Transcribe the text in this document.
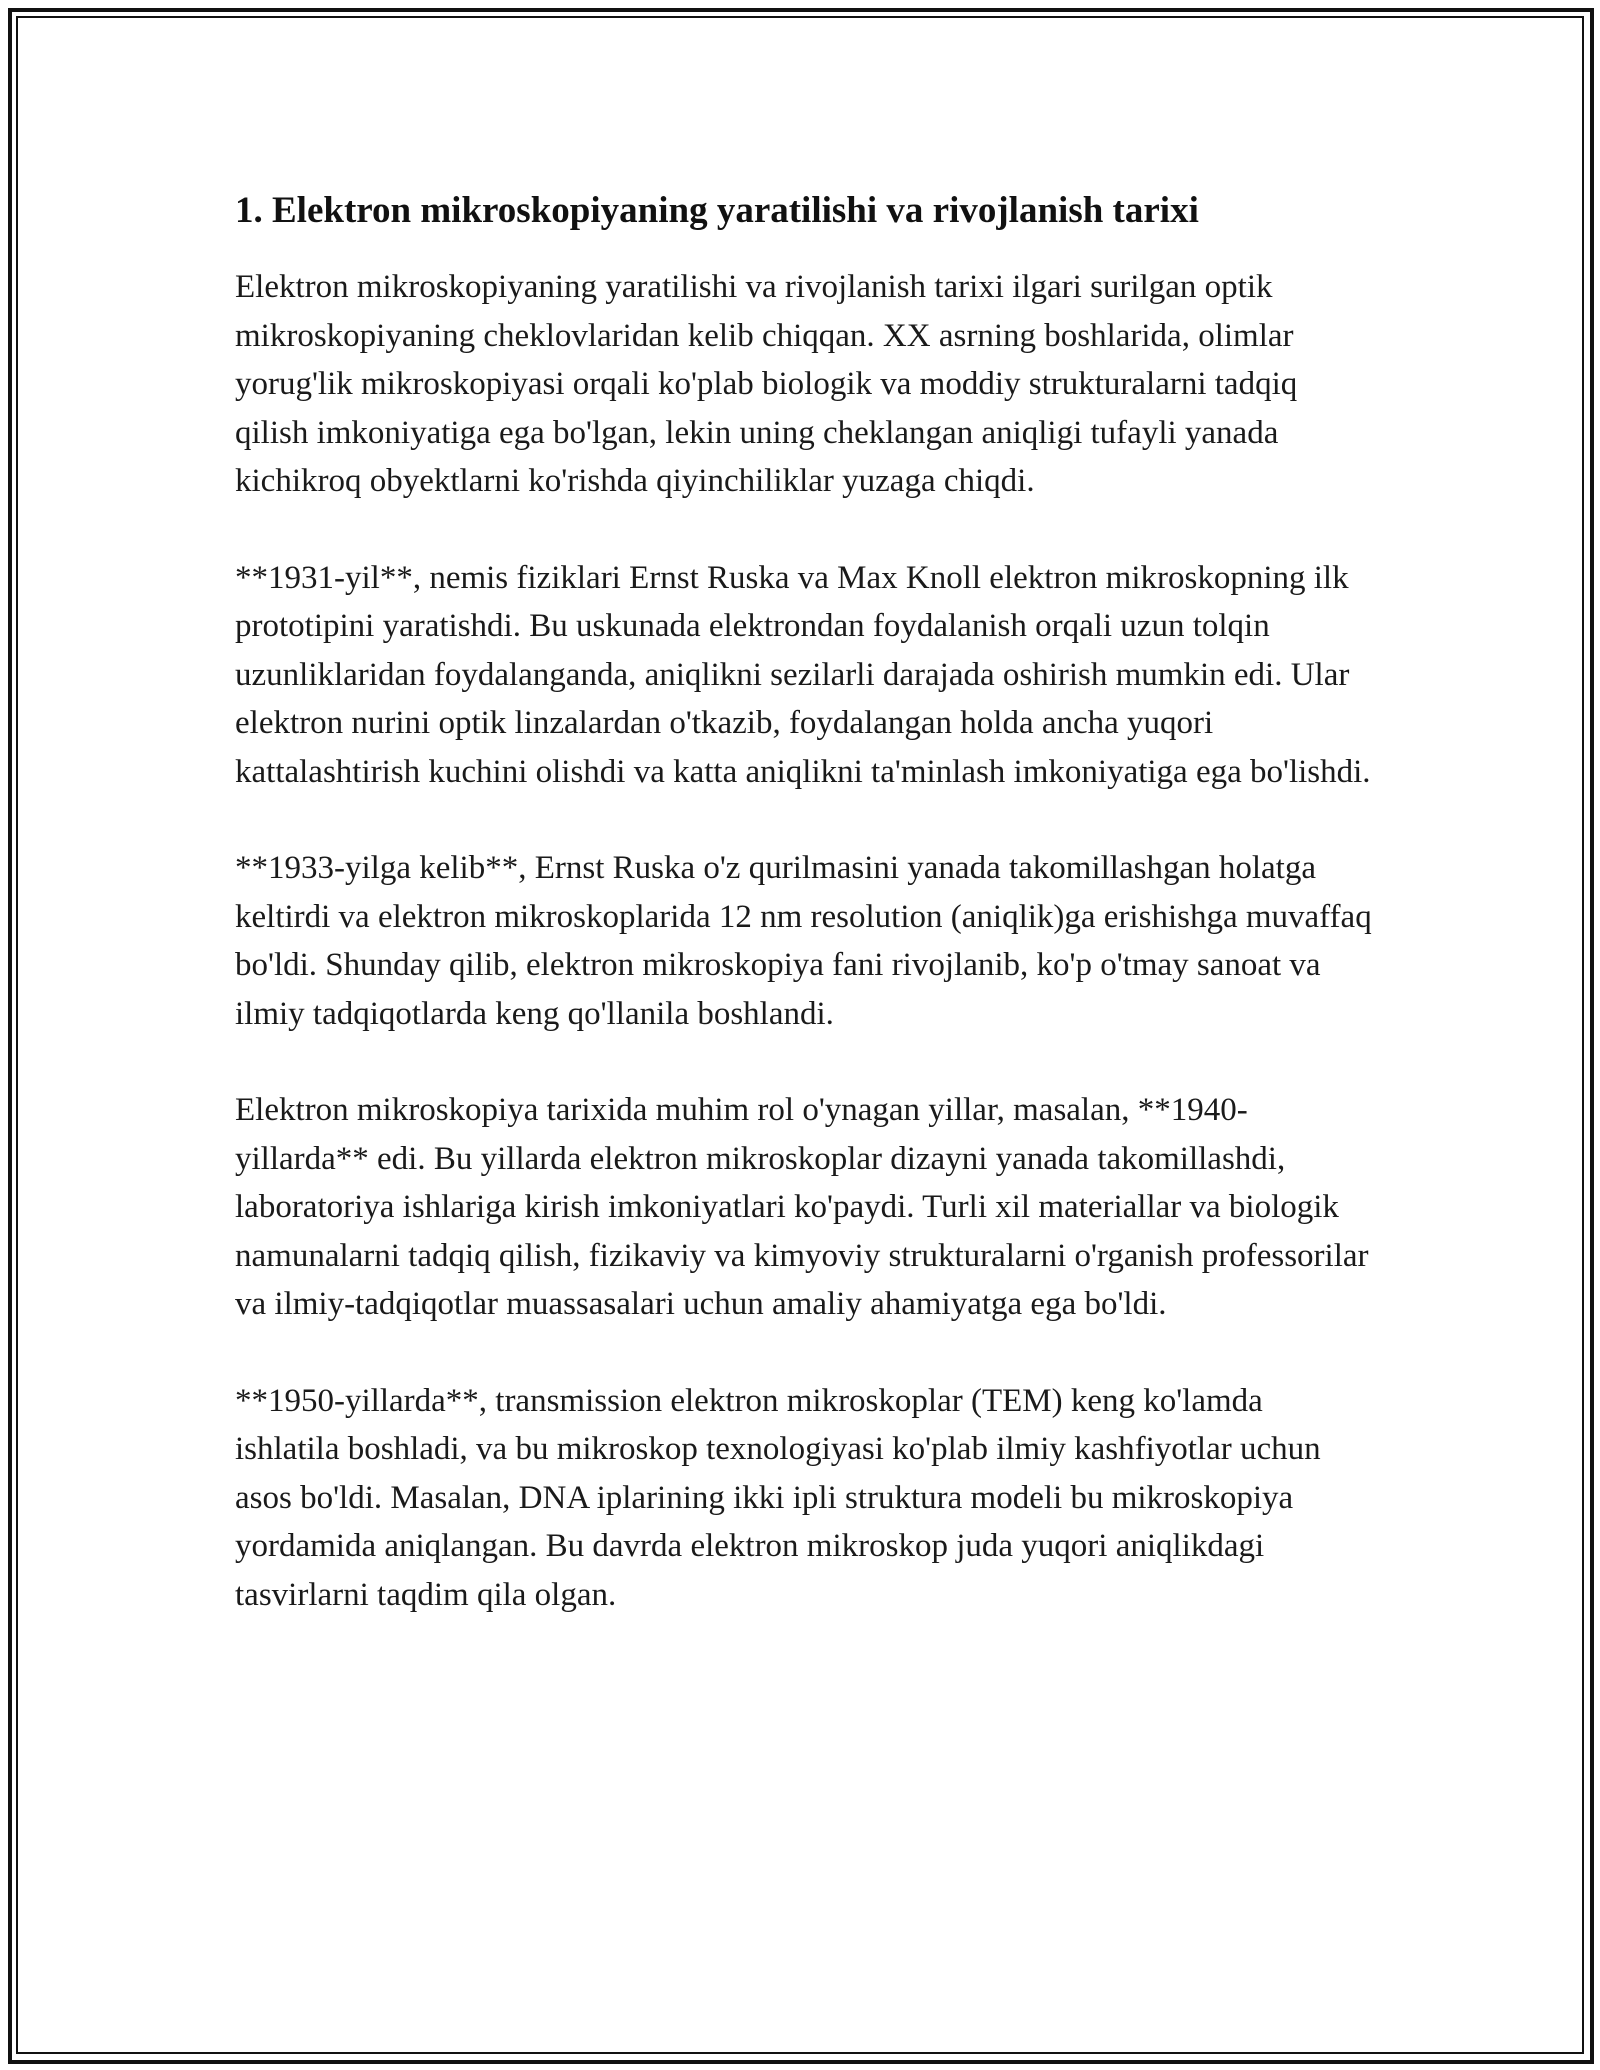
1. Elektron mikroskopiyaning yaratilishi va rivojlanish tarixi

Elektron mikroskopiyaning yaratilishi va rivojlanish tarixi ilgari surilgan optik mikroskopiyaning cheklovlaridan kelib chiqqan. XX asrning boshlarida, olimlar yorug'lik mikroskopiyasi orqali ko'plab biologik va moddiy strukturalarni tadqiq qilish imkoniyatiga ega bo'lgan, lekin uning cheklangan aniqligi tufayli yanada kichikroq obyektlarni ko'rishda qiyinchiliklar yuzaga chiqdi.

**1931-yil**, nemis fiziklari Ernst Ruska va Max Knoll elektron mikroskopning ilk prototipini yaratishdi. Bu uskunada elektrondan foydalanish orqali uzun tolqin uzunliklaridan foydalanganda, aniqlikni sezilarli darajada oshirish mumkin edi. Ular elektron nurini optik linzalardan o'tkazib, foydalangan holda ancha yuqori kattalashtirish kuchini olishdi va katta aniqlikni ta'minlash imkoniyatiga ega bo'lishdi.

**1933-yilga kelib**, Ernst Ruska o'z qurilmasini yanada takomillashgan holatga keltirdi va elektron mikroskoplarida 12 nm resolution (aniqlik)ga erishishga muvaffaq bo'ldi. Shunday qilib, elektron mikroskopiya fani rivojlanib, ko'p o'tmay sanoat va ilmiy tadqiqotlarda keng qo'llanila boshlandi.

Elektron mikroskopiya tarixida muhim rol o'ynagan yillar, masalan, **1940-yillarda** edi. Bu yillarda elektron mikroskoplar dizayni yanada takomillashdi, laboratoriya ishlariga kirish imkoniyatlari ko'paydi. Turli xil materiallar va biologik namunalarni tadqiq qilish, fizikaviy va kimyoviy strukturalarni o'rganish professorilar va ilmiy-tadqiqotlar muassasalari uchun amaliy ahamiyatga ega bo'ldi.

**1950-yillarda**, transmission elektron mikroskoplar (TEM) keng ko'lamda ishlatila boshladi, va bu mikroskop texnologiyasi ko'plab ilmiy kashfiyotlar uchun asos bo'ldi. Masalan, DNA iplarining ikki ipli struktura modeli bu mikroskopiya yordamida aniqlangan. Bu davrda elektron mikroskop juda yuqori aniqlikdagi tasvirlarni taqdim qila olgan.
